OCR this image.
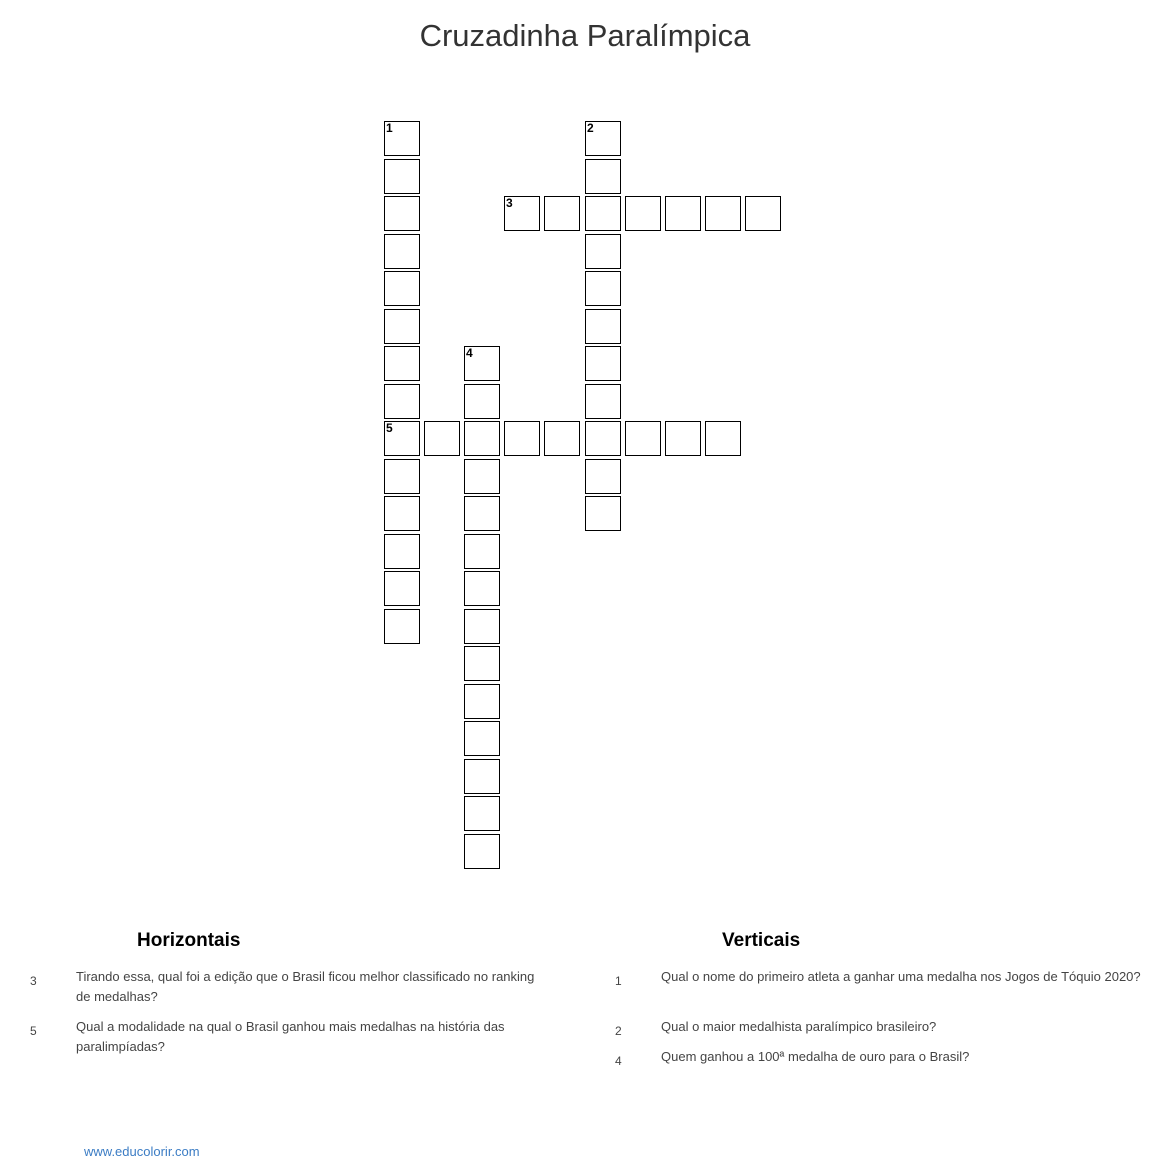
Cruzadinha Paralímpica
1
5
2
3
4
Horizontais	Verticais
3	Tirando essa, qual foi a edição que o Brasil ficou melhor classificado no ranking de medalhas?
5	Qual a modalidade na qual o Brasil ganhou mais medalhas na história das paralimpíadas?
1	Qual o nome do primeiro atleta a ganhar uma medalha nos Jogos de Tóquio 2020?
2	Qual o maior medalhista paralímpico brasileiro?
4	Quem ganhou a 100ª medalha de ouro para o Brasil?
www.educolorir.com
